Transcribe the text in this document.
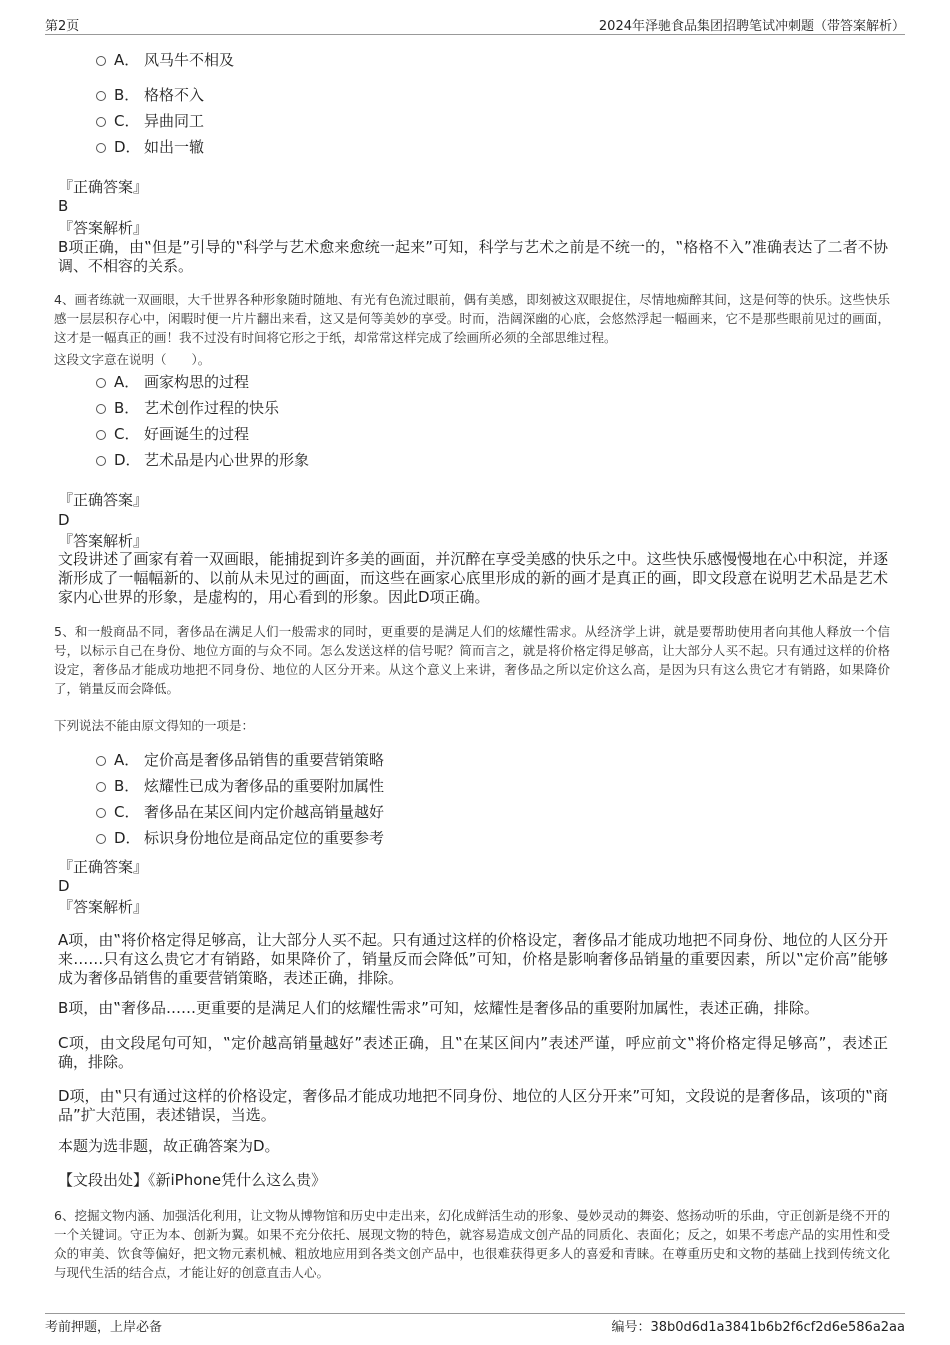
第2页	2024年泽驰食品集团招聘笔试冲刺题（带答案解析）
A． 风马牛不相及
B． 格格不入
C． 异曲同工
D． 如出一辙
『正确答案』
B
『答案解析』
B项正确，由‟但是”引导的‟科学与艺术愈来愈统一起来”可知，科学与艺术之前是不统一的，‟格格不入”准确表达了二者不协调、不相容的关系。
4、画者练就一双画眼，大千世界各种形象随时随地、有光有色流过眼前，偶有美感，即刻被这双眼捉住，尽情地痴醉其间，这是何等的快乐。这些快乐感一层层积存心中，闲暇时便一片片翻出来看，这又是何等美妙的享受。时而，浩阔深幽的心底，会悠然浮起一幅画来，它不是那些眼前见过的画面，这才是一幅真正的画！我不过没有时间将它形之于纸，却常常这样完成了绘画所必须的全部思维过程。
这段文字意在说明（　　）。
A． 画家构思的过程
B． 艺术创作过程的快乐
C． 好画诞生的过程
D． 艺术品是内心世界的形象
『正确答案』
D
『答案解析』
文段讲述了画家有着一双画眼，能捕捉到许多美的画面，并沉醉在享受美感的快乐之中。这些快乐感慢慢地在心中积淀，并逐渐形成了一幅幅新的、以前从未见过的画面，而这些在画家心底里形成的新的画才是真正的画，即文段意在说明艺术品是艺术家内心世界的形象，是虚构的，用心看到的形象。因此D项正确。
5、和一般商品不同，奢侈品在满足人们一般需求的同时，更重要的是满足人们的炫耀性需求。从经济学上讲，就是要帮助使用者向其他人释放一个信号，以标示自己在身份、地位方面的与众不同。怎么发送这样的信号呢？简而言之，就是将价格定得足够高，让大部分人买不起。只有通过这样的价格设定，奢侈品才能成功地把不同身份、地位的人区分开来。从这个意义上来讲，奢侈品之所以定价这么高，是因为只有这么贵它才有销路，如果降价了，销量反而会降低。
下列说法不能由原文得知的一项是：
A． 定价高是奢侈品销售的重要营销策略
B． 炫耀性已成为奢侈品的重要附加属性
C． 奢侈品在某区间内定价越高销量越好
D． 标识身份地位是商品定位的重要参考
『正确答案』
D
『答案解析』
A项，由‟将价格定得足够高，让大部分人买不起。只有通过这样的价格设定，奢侈品才能成功地把不同身份、地位的人区分开来……只有这么贵它才有销路，如果降价了，销量反而会降低”可知，价格是影响奢侈品销量的重要因素，所以‟定价高”能够成为奢侈品销售的重要营销策略，表述正确，排除。
B项，由‟奢侈品……更重要的是满足人们的炫耀性需求”可知，炫耀性是奢侈品的重要附加属性，表述正确，排除。
C项，由文段尾句可知，‟定价越高销量越好”表述正确，且‟在某区间内”表述严谨，呼应前文‟将价格定得足够高”，表述正确，排除。
D项，由‟只有通过这样的价格设定，奢侈品才能成功地把不同身份、地位的人区分开来”可知，文段说的是奢侈品，该项的‟商品”扩大范围，表述错误，当选。
本题为选非题，故正确答案为D。
【文段出处】《新iPhone凭什么这么贵》
6、挖掘文物内涵、加强活化利用，让文物从博物馆和历史中走出来，幻化成鲜活生动的形象、曼妙灵动的舞姿、悠扬动听的乐曲，守正创新是绕不开的一个关键词。守正为本、创新为翼。如果不充分依托、展现文物的特色，就容易造成文创产品的同质化、表面化；反之，如果不考虑产品的实用性和受众的审美、饮食等偏好，把文物元素机械、粗放地应用到各类文创产品中，也很难获得更多人的喜爱和青睐。在尊重历史和文物的基础上找到传统文化与现代生活的结合点，才能让好的创意直击人心。
考前押题，上岸必备	编号：38b0d6d1a3841b6b2f6cf2d6e586a2aa
